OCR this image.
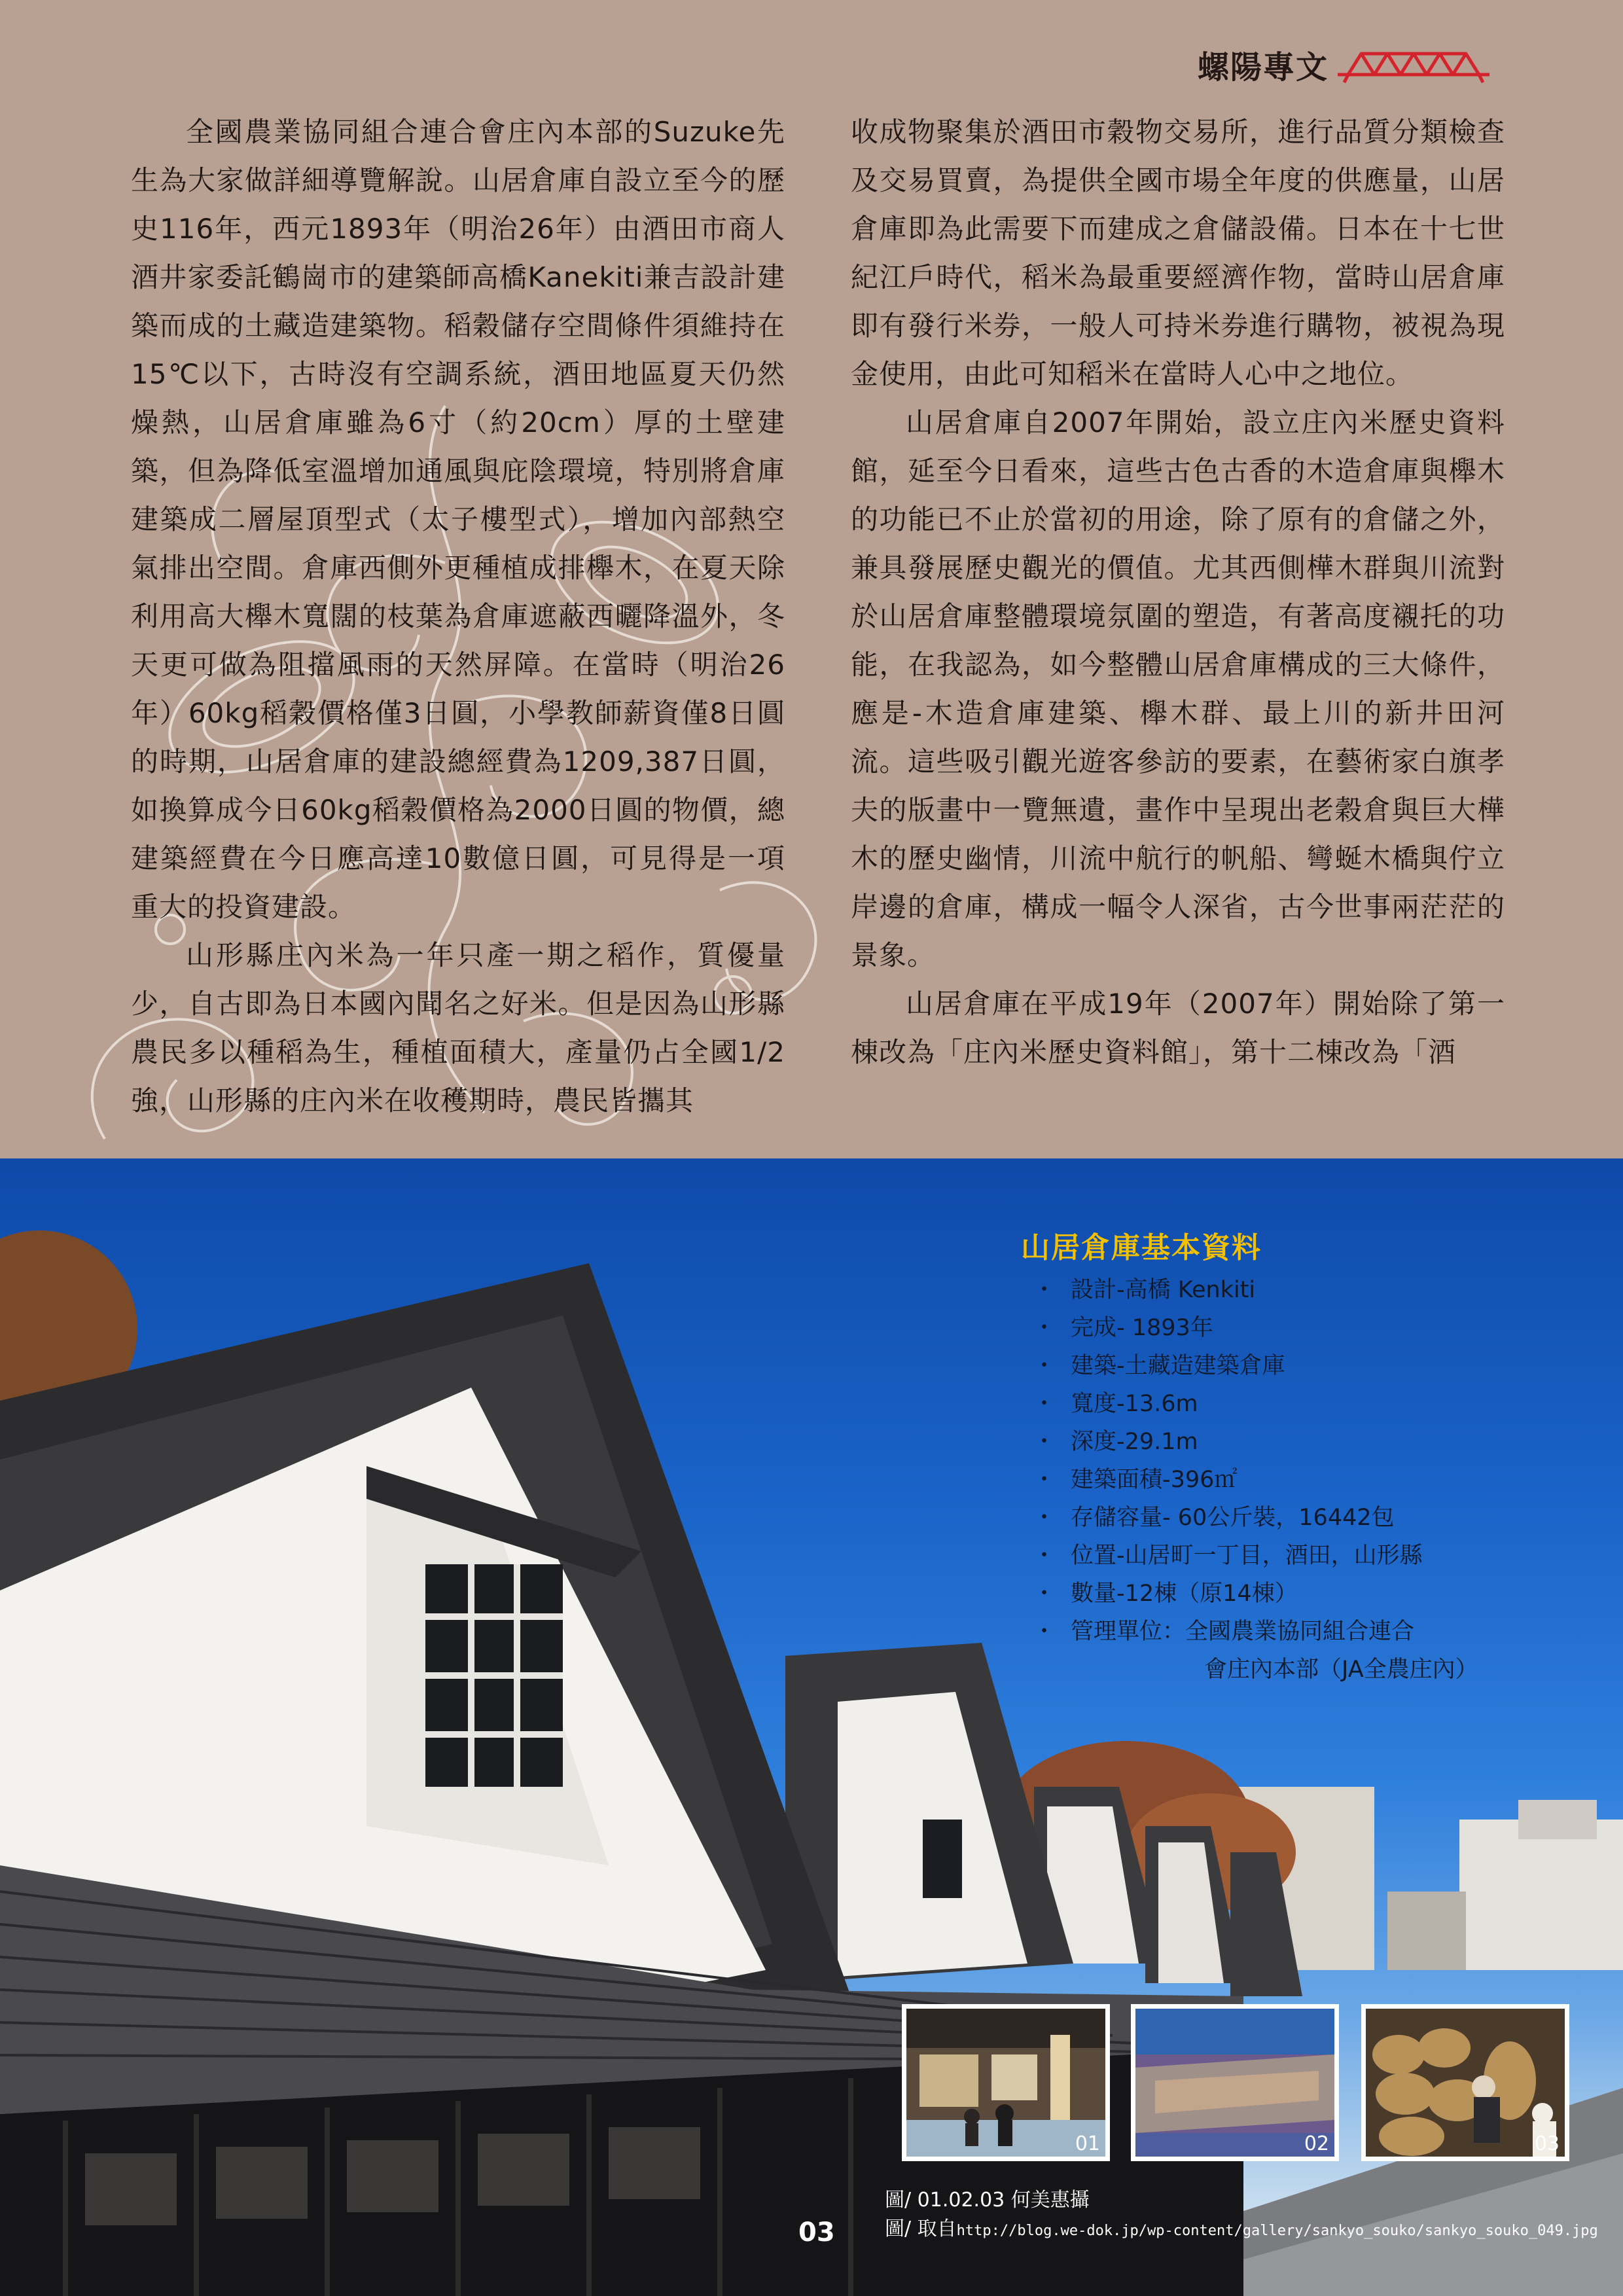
螺陽專文

全國農業協同組合連合會庄內本部的Suzuke先生為大家做詳細導覽解說。山居倉庫自設立至今的歷史116年，西元1893年（明治26年）由酒田市商人酒井家委託鶴崗市的建築師高橋Kanekiti兼吉設計建築而成的土藏造建築物。稻穀儲存空間條件須維持在15℃以下，古時沒有空調系統，酒田地區夏天仍然燥熱，山居倉庫雖為6寸（約20cm）厚的土壁建築，但為降低室溫增加通風與庇陰環境，特別將倉庫建築成二層屋頂型式（太子樓型式），增加內部熱空氣排出空間。倉庫西側外更種植成排櫸木，在夏天除利用高大櫸木寬闊的枝葉為倉庫遮蔽西曬降溫外，冬天更可做為阻擋風雨的天然屏障。在當時（明治26年）60kg稻穀價格僅3日圓，小學教師薪資僅8日圓的時期，山居倉庫的建設總經費為1209,387日圓，如換算成今日60kg稻穀價格為2000日圓的物價，總建築經費在今日應高達10數億日圓，可見得是一項重大的投資建設。

山形縣庄內米為一年只產一期之稻作，質優量少，自古即為日本國內聞名之好米。但是因為山形縣農民多以種稻為生，種植面積大，產量仍占全國1/2強，山形縣的庄內米在收穫期時，農民皆攜其

收成物聚集於酒田市穀物交易所，進行品質分類檢查及交易買賣，為提供全國市場全年度的供應量，山居倉庫即為此需要下而建成之倉儲設備。日本在十七世紀江戶時代，稻米為最重要經濟作物，當時山居倉庫即有發行米券，一般人可持米券進行購物，被視為現金使用，由此可知稻米在當時人心中之地位。

山居倉庫自2007年開始，設立庄內米歷史資料館，延至今日看來，這些古色古香的木造倉庫與櫸木的功能已不止於當初的用途，除了原有的倉儲之外，兼具發展歷史觀光的價值。尤其西側樺木群與川流對於山居倉庫整體環境氛圍的塑造，有著高度襯托的功能，在我認為，如今整體山居倉庫構成的三大條件，應是-木造倉庫建築、櫸木群、最上川的新井田河流。這些吸引觀光遊客參訪的要素，在藝術家白旗孝夫的版畫中一覽無遺，畫作中呈現出老穀倉與巨大樺木的歷史幽情，川流中航行的帆船、彎蜒木橋與佇立岸邊的倉庫，構成一幅令人深省，古今世事兩茫茫的景象。

山居倉庫在平成19年（2007年）開始除了第一棟改為「庄內米歷史資料館」，第十二棟改為「酒

山居倉庫基本資料

・ 設計-高橋 Kenkiti
・ 完成- 1893年
・ 建築-土藏造建築倉庫
・ 寬度-13.6m
・ 深度-29.1m
・ 建築面積-396㎡
・ 存儲容量- 60公斤裝，16442包
・ 位置-山居町一丁目，酒田，山形縣
・ 數量-12棟（原14棟）
・ 管理單位：全國農業協同組合連合
會庄內本部（JA全農庄內）
01	02	03
圖/ 01.02.03 何美惠攝
圖/ 取自http://blog.we-dok.jp/wp-content/gallery/sankyo_souko/sankyo_souko_049.jpg
03
